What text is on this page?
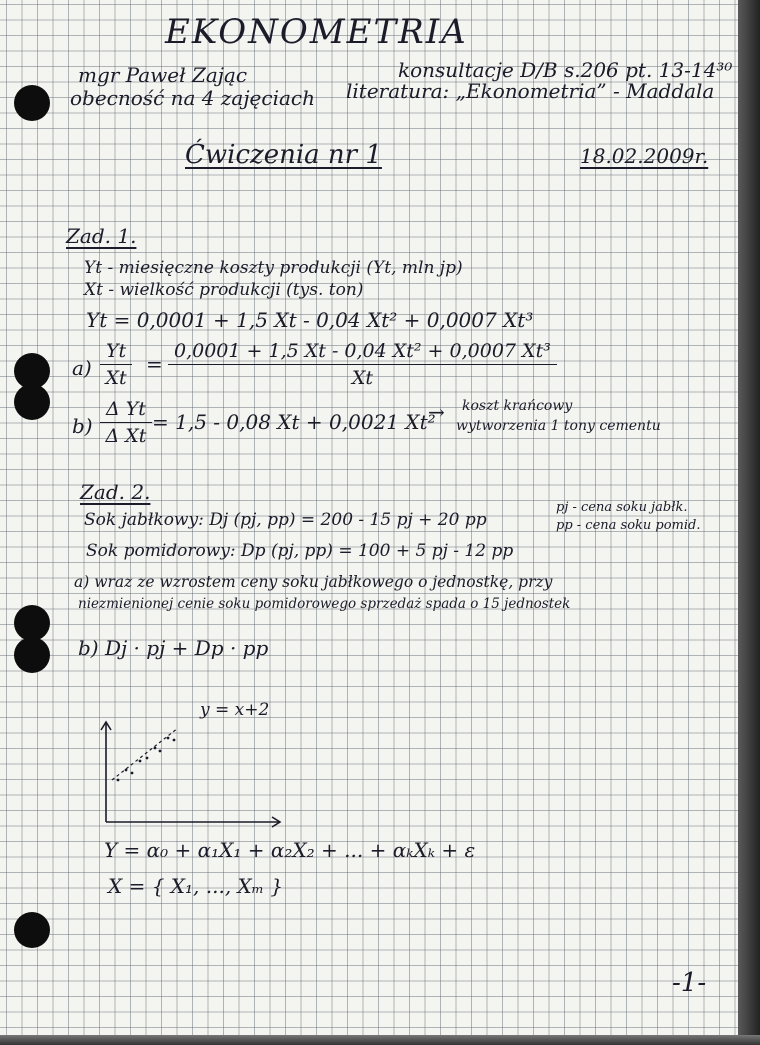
EKONOMETRIA
mgr Paweł Zając
obecność na 4 zajęciach
konsultacje D/B s.206 pt. 13-14³⁰
literatura: „Ekonometria” - Maddala
Ćwiczenia nr 1	18.02.2009r.
Zad. 1.
Yt - miesięczne koszty produkcji (Yt, mln jp)
Xt - wielkość produkcji (tys. ton)
Yt = 0,0001 + 1,5 Xt - 0,04 Xt² + 0,0007 Xt³
$a) \frac{Yt}{Xt} = \frac{\text{0,0001 + 1,5 Xt - 0,04 Xt² + 0,0007 Xt³}}{Xt}$
$b) \frac{\text{Δ Yt}}{\text{Δ Xt}} = 1,5 - 0,08$ Xt + 0,0021 Xt²
→ koszt krańcowy
wytworzenia 1 tony cementu
Zad. 2.
Sok jabłkowy: Dj (pj, pp) = 200 - 15 pj + 20 pp
Sok pomidorowy: Dp (pj, pp) = 100 + 5 pj - 12 pp
pj - cena soku jabłk.
pp - cena soku pomid.
a) wraz ze wzrostem ceny soku jabłkowego o jednostkę, przy
niezmienionej cenie soku pomidorowego sprzedaż spada o 15 jednostek
b) Dj · pj + Dp · pp
y = x+2
Y = α₀ + α₁X₁ + α₂X₂ + ... + αₖXₖ + ε
X = { X₁, ..., Xₘ }
-1-
